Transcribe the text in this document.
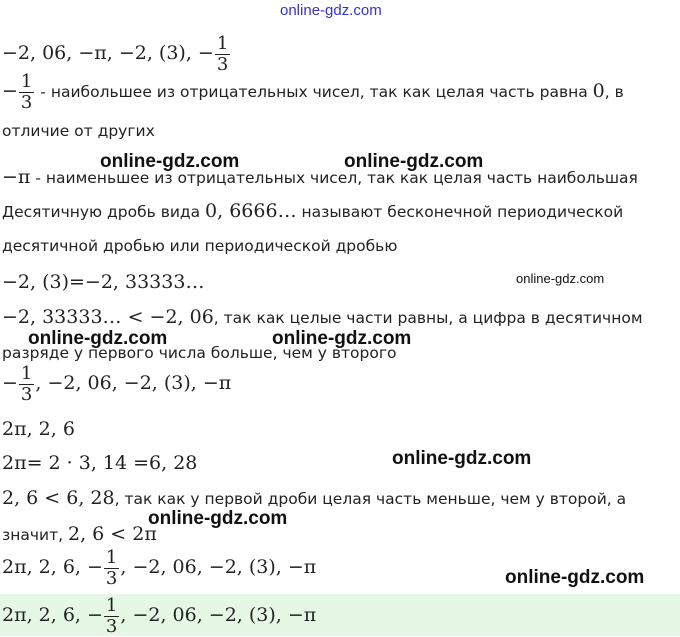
online-gdz.com
−2, 06, −π, −2, (3), − $\frac{1}{3}$
− $\frac{1}{3}$ - наибольшее из отрицательных чисел, так как целая часть равна 0, в
отличие от других
−π - наименьшее из отрицательных чисел, так как целая часть наибольшая
Десятичную дробь вида 0, 6666… называют бесконечной периодической
десятичной дробью или периодической дробью
−2, (3)=−2, 33333…
−2, 33333… < −2, 06, так как целые части равны, а цифра в десятичном
разряде у первого числа больше, чем у второго
− $\frac{1}{3}$ , −2, 06, −2, (3), −π
2π, 2, 6
2π= 2 · 3, 14 =6, 28
2, 6 < 6, 28, так как у первой дроби целая часть меньше, чем у второй, а
значит, 2, 6 < 2π
2π, 2, 6, − $\frac{1}{3}$ , −2, 06, −2, (3), −π
2π, 2, 6, − $\frac{1}{3}$ , −2, 06, −2, (3), −π
online-gdz.com	online-gdz.com
online-gdz.com
online-gdz.com	online-gdz.com
online-gdz.com
online-gdz.com
online-gdz.com
